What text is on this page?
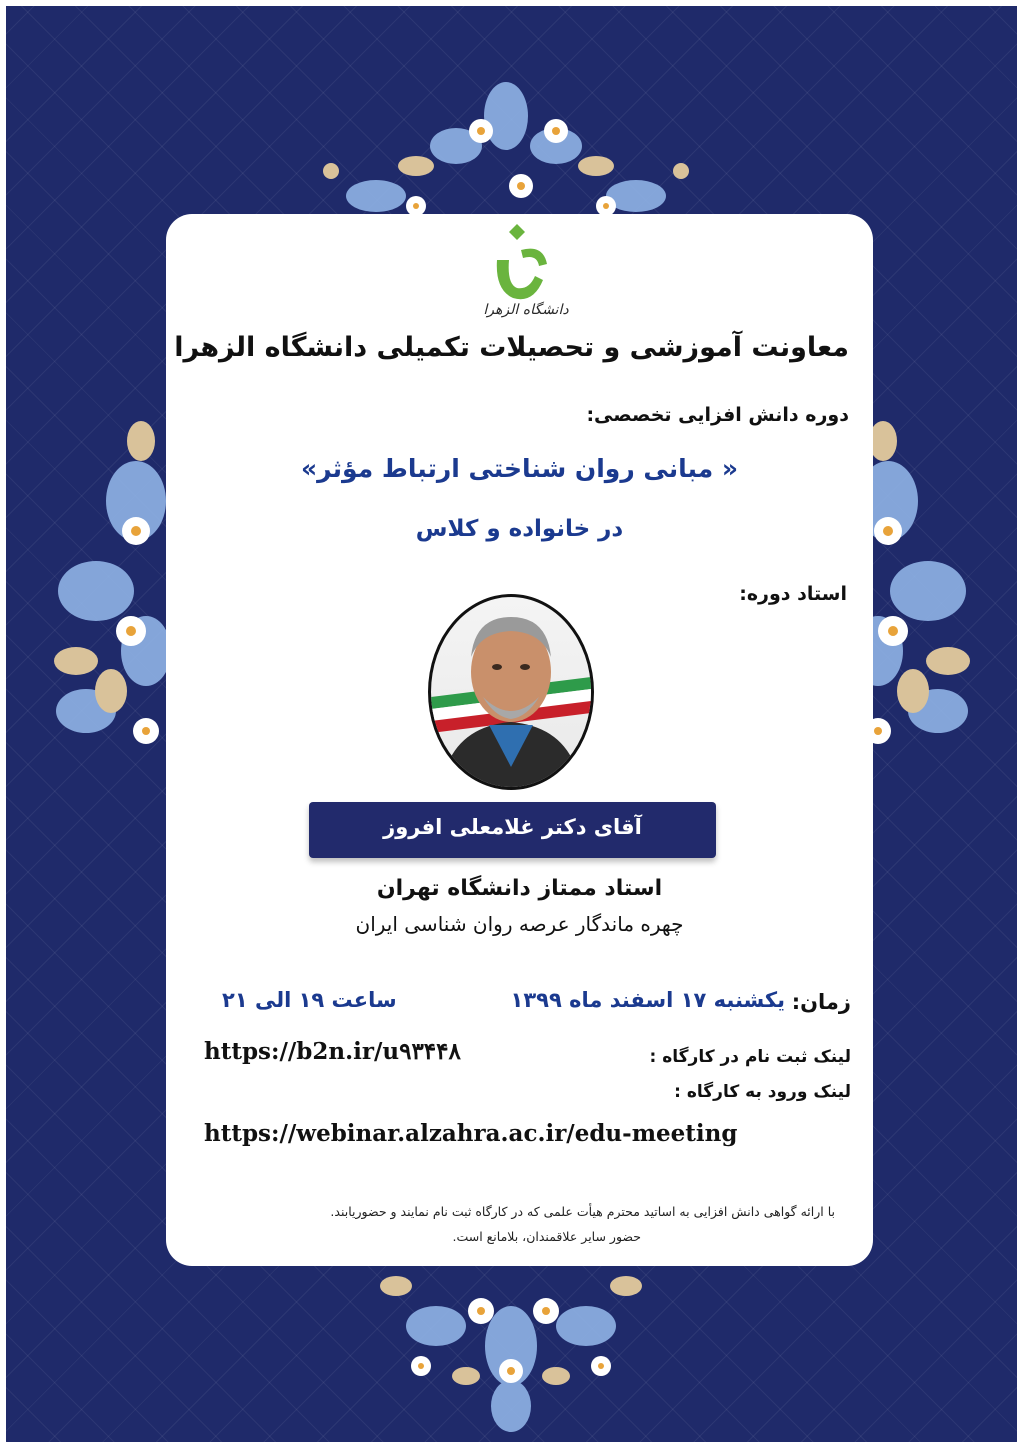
دانشگاه الزهرا
معاونت آموزشی و تحصیلات تکمیلی دانشگاه الزهرا
دوره دانش افزایی تخصصی:
« مبانی روان شناختی ارتباط مؤثر»
در خانواده و کلاس
استاد دوره:
آقای دکتر غلامعلی افروز
استاد ممتاز دانشگاه تهران
چهره ماندگار عرصه روان شناسی ایران
زمان:
یکشنبه ۱۷ اسفند ماه ۱۳۹۹
ساعت ۱۹ الی ۲۱
لینک ثبت نام در کارگاه :
https://b2n.ir/u۹۳۴۴۸
لینک ورود به کارگاه :
https://webinar.alzahra.ac.ir/edu-meeting
با ارائه گواهی دانش افزایی به اساتید محترم هیأت علمی که در کارگاه ثبت نام نمایند و حضوریابند.
حضور سایر علاقمندان، بلامانع است.
